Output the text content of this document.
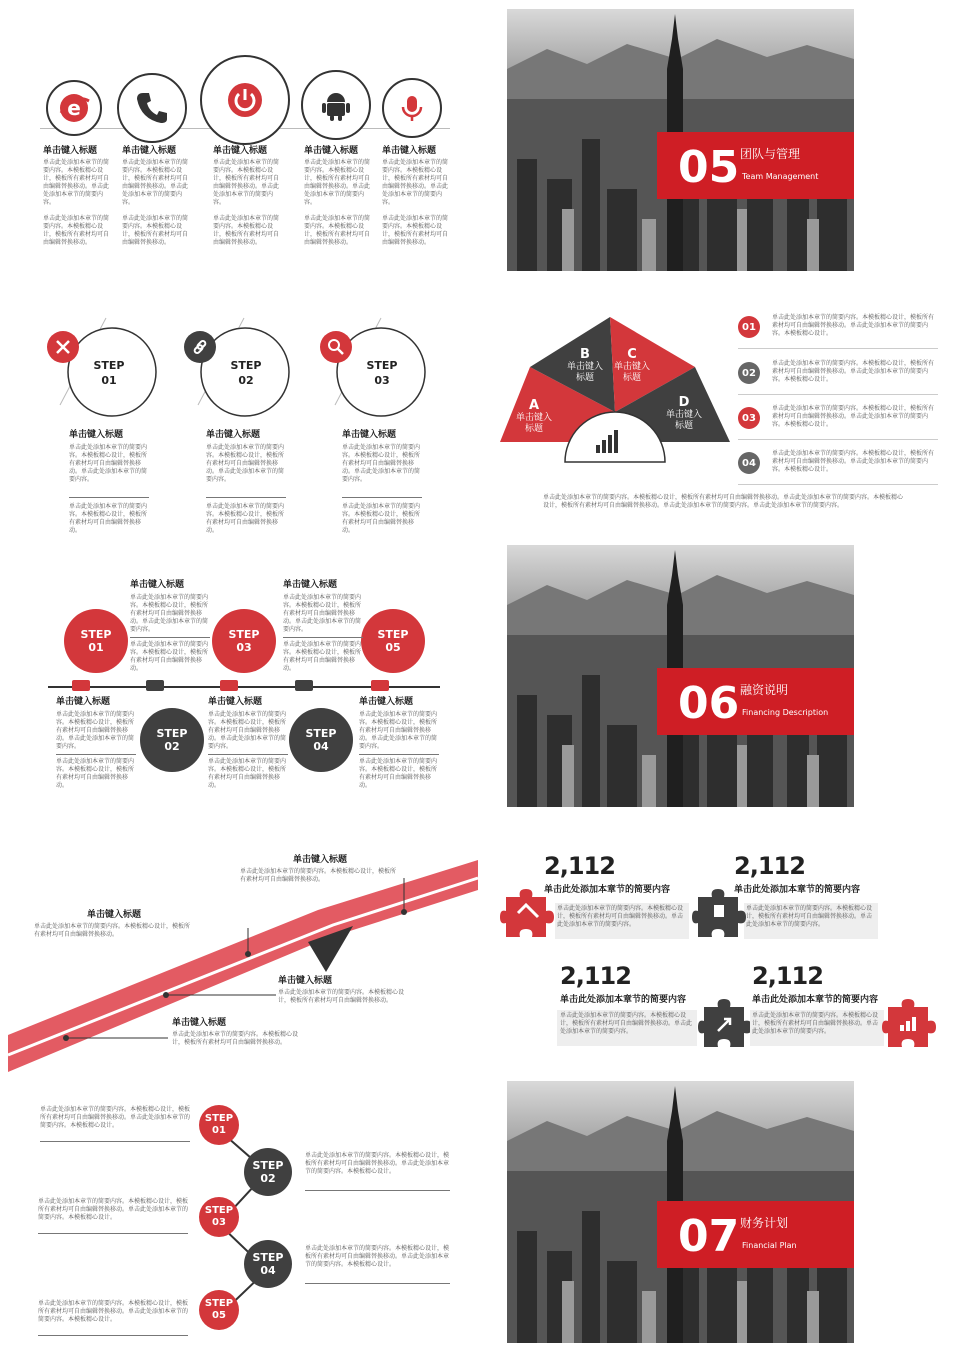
e
单击键入标题
单击此处添加本章节的简要内容。本模板精心设计，模板所有素材均可自由编辑替换移动。单击此处添加本章节的简要内容。
单击此处添加本章节的简要内容。本模板精心设计，模板所有素材均可自由编辑替换移动。
单击键入标题
单击此处添加本章节的简要内容。本模板精心设计，模板所有素材均可自由编辑替换移动。单击此处添加本章节的简要内容。
单击此处添加本章节的简要内容。本模板精心设计，模板所有素材均可自由编辑替换移动。
单击键入标题
单击此处添加本章节的简要内容。本模板精心设计，模板所有素材均可自由编辑替换移动。单击此处添加本章节的简要内容。
单击此处添加本章节的简要内容。本模板精心设计，模板所有素材均可自由编辑替换移动。
单击键入标题
单击此处添加本章节的简要内容。本模板精心设计，模板所有素材均可自由编辑替换移动。单击此处添加本章节的简要内容。
单击此处添加本章节的简要内容。本模板精心设计，模板所有素材均可自由编辑替换移动。
单击键入标题
单击此处添加本章节的简要内容。本模板精心设计，模板所有素材均可自由编辑替换移动。单击此处添加本章节的简要内容。
单击此处添加本章节的简要内容。本模板精心设计，模板所有素材均可自由编辑替换移动。
05 团队与管理
Team Management
06 融资说明
Financing Description
07 财务计划
Financial Plan
STEP
01
STEP
02
STEP
03
单击键入标题
单击此处添加本章节的简要内容。本模板精心设计，模板所有素材均可自由编辑替换移动。单击此处添加本章节的简要内容。
单击此处添加本章节的简要内容。本模板精心设计，模板所有素材均可自由编辑替换移动。
单击键入标题
单击此处添加本章节的简要内容。本模板精心设计，模板所有素材均可自由编辑替换移动。单击此处添加本章节的简要内容。
单击此处添加本章节的简要内容。本模板精心设计，模板所有素材均可自由编辑替换移动。
单击键入标题
单击此处添加本章节的简要内容。本模板精心设计，模板所有素材均可自由编辑替换移动。单击此处添加本章节的简要内容。
单击此处添加本章节的简要内容。本模板精心设计，模板所有素材均可自由编辑替换移动。
A
单击键入标题
B
单击键入标题
C
单击键入标题
D
单击键入标题
01
单击此处添加本章节的简要内容。本模板精心设计，模板所有素材均可自由编辑替换移动。单击此处添加本章节的简要内容。本模板精心设计。
02
单击此处添加本章节的简要内容。本模板精心设计，模板所有素材均可自由编辑替换移动。单击此处添加本章节的简要内容。本模板精心设计。
03
单击此处添加本章节的简要内容。本模板精心设计，模板所有素材均可自由编辑替换移动。单击此处添加本章节的简要内容。本模板精心设计。
04
单击此处添加本章节的简要内容。本模板精心设计，模板所有素材均可自由编辑替换移动。单击此处添加本章节的简要内容。本模板精心设计。
单击此处添加本章节的简要内容。本模板精心设计，模板所有素材均可自由编辑替换移动。单击此处添加本章节的简要内容。本模板精心设计，模板所有素材均可自由编辑替换移动。单击此处添加本章节的简要内容。单击此处添加本章节的简要内容。
STEP
01
STEP
03
STEP
05
STEP
02
STEP
04
单击键入标题
单击此处添加本章节的简要内容。本模板精心设计，模板所有素材均可自由编辑替换移动。单击此处添加本章节的简要内容。
单击此处添加本章节的简要内容。本模板精心设计，模板所有素材均可自由编辑替换移动。
单击键入标题
单击此处添加本章节的简要内容。本模板精心设计，模板所有素材均可自由编辑替换移动。单击此处添加本章节的简要内容。
单击此处添加本章节的简要内容。本模板精心设计，模板所有素材均可自由编辑替换移动。
单击键入标题
单击此处添加本章节的简要内容。本模板精心设计，模板所有素材均可自由编辑替换移动。单击此处添加本章节的简要内容。
单击此处添加本章节的简要内容。本模板精心设计，模板所有素材均可自由编辑替换移动。
单击键入标题
单击此处添加本章节的简要内容。本模板精心设计，模板所有素材均可自由编辑替换移动。单击此处添加本章节的简要内容。
单击此处添加本章节的简要内容。本模板精心设计，模板所有素材均可自由编辑替换移动。
单击键入标题
单击此处添加本章节的简要内容。本模板精心设计，模板所有素材均可自由编辑替换移动。单击此处添加本章节的简要内容。
单击此处添加本章节的简要内容。本模板精心设计，模板所有素材均可自由编辑替换移动。
单击键入标题
单击此处添加本章节的简要内容。本模板精心设计，模板所有素材均可自由编辑替换移动。
单击键入标题
单击此处添加本章节的简要内容。本模板精心设计，模板所有素材均可自由编辑替换移动。
单击键入标题
单击此处添加本章节的简要内容。本模板精心设计，模板所有素材均可自由编辑替换移动。
单击键入标题
单击此处添加本章节的简要内容。本模板精心设计，模板所有素材均可自由编辑替换移动。
2,112
单击此处添加本章节的简要内容
单击此处添加本章节的简要内容。本模板精心设计，模板所有素材均可自由编辑替换移动。单击此处添加本章节的简要内容。
2,112
单击此处添加本章节的简要内容
单击此处添加本章节的简要内容。本模板精心设计，模板所有素材均可自由编辑替换移动。单击此处添加本章节的简要内容。
2,112
单击此处添加本章节的简要内容
单击此处添加本章节的简要内容。本模板精心设计，模板所有素材均可自由编辑替换移动。单击此处添加本章节的简要内容。
2,112
单击此处添加本章节的简要内容
单击此处添加本章节的简要内容。本模板精心设计，模板所有素材均可自由编辑替换移动。单击此处添加本章节的简要内容。
STEP
01
STEP
02
STEP
03
STEP
04
STEP
05
单击此处添加本章节的简要内容。本模板精心设计，模板所有素材均可自由编辑替换移动。单击此处添加本章节的简要内容。本模板精心设计。
单击此处添加本章节的简要内容。本模板精心设计，模板所有素材均可自由编辑替换移动。单击此处添加本章节的简要内容。本模板精心设计。
单击此处添加本章节的简要内容。本模板精心设计，模板所有素材均可自由编辑替换移动。单击此处添加本章节的简要内容。本模板精心设计。
单击此处添加本章节的简要内容。本模板精心设计，模板所有素材均可自由编辑替换移动。单击此处添加本章节的简要内容。本模板精心设计。
单击此处添加本章节的简要内容。本模板精心设计，模板所有素材均可自由编辑替换移动。单击此处添加本章节的简要内容。本模板精心设计。
